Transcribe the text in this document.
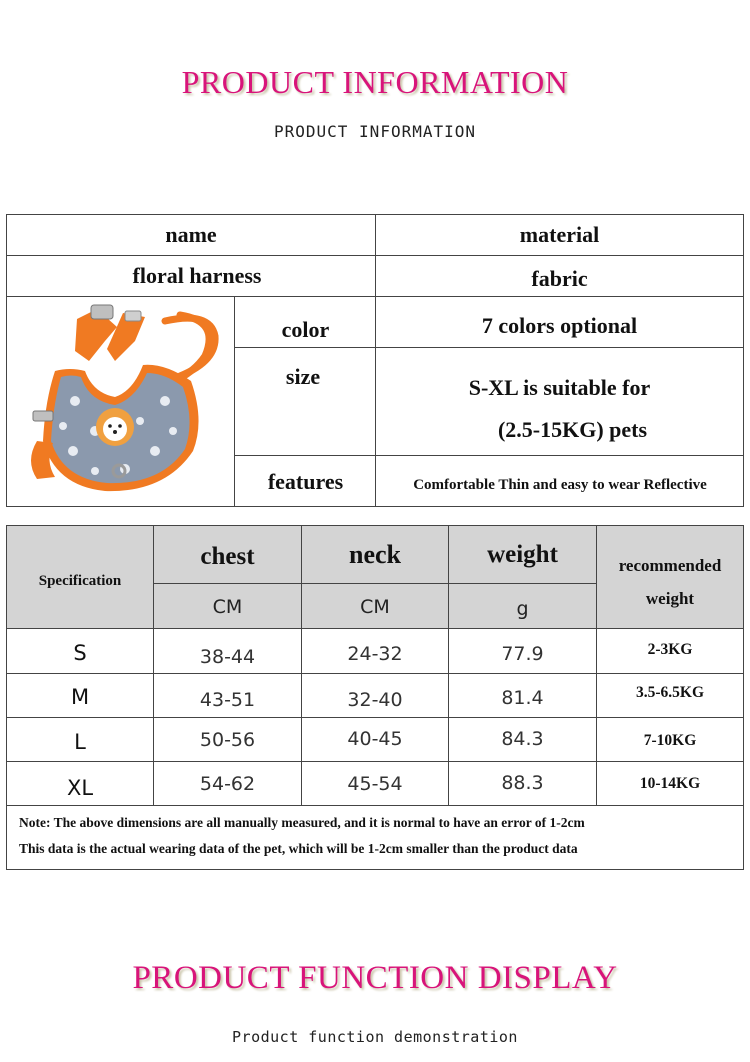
PRODUCT INFORMATION
PRODUCT INFORMATION
name	material
floral harness	fabric
color	7 colors optional
size	S-XL is suitable for
(2.5-15KG) pets
features	Comfortable Thin and easy to wear Reflective
Specification
chest	neck	weight
CM	CM	g
recommended
weight
S	38-44	24-32	77.9	2-3KG
M	43-51	32-40	81.4	3.5-6.5KG
L	50-56	40-45	84.3	7-10KG
XL	54-62	45-54	88.3	10-14KG
Note: The above dimensions are all manually measured, and it is normal to have an error of 1-2cm
This data is the actual wearing data of the pet, which will be 1-2cm smaller than the product data
PRODUCT FUNCTION DISPLAY
Product function demonstration
